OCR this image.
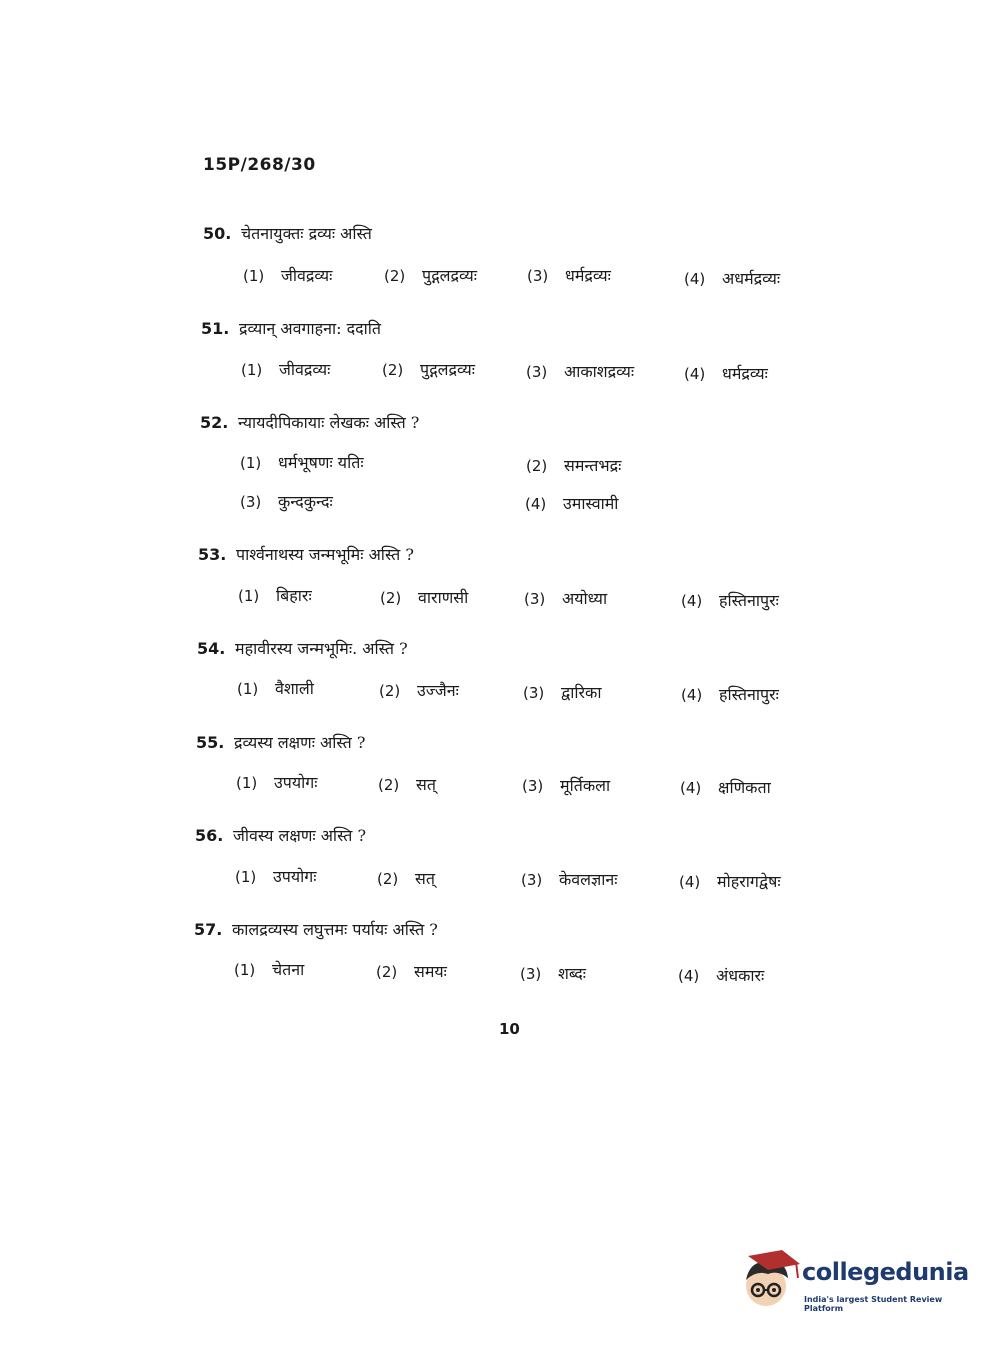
15P/268/30
50. चेतनायुक्तः द्रव्यः अस्ति
(1) जीवद्रव्यः	(2) पुद्गलद्रव्यः	(3) धर्मद्रव्यः	(4) अधर्मद्रव्यः
51. द्रव्यान् अवगाहना: ददाति
(1) जीवद्रव्यः	(2) पुद्गलद्रव्यः	(3) आकाशद्रव्यः	(4) धर्मद्रव्यः
52. न्यायदीपिकायाः लेखकः अस्ति ?
(1) धर्मभूषणः यतिः	(2) समन्तभद्रः
(3) कुन्दकुन्दः	(4) उमास्वामी
53. पार्श्वनाथस्य जन्मभूमिः अस्ति ?
(1) बिहारः	(2) वाराणसी	(3) अयोध्या	(4) हस्तिनापुरः
54. महावीरस्य जन्मभूमिः. अस्ति ?
(1) वैशाली	(2) उज्जैनः	(3) द्वारिका	(4) हस्तिनापुरः
55. द्रव्यस्य लक्षणः अस्ति ?
(1) उपयोगः	(2) सत्	(3) मूर्तिकला	(4) क्षणिकता
56. जीवस्य लक्षणः अस्ति ?
(1) उपयोगः	(2) सत्	(3) केवलज्ञानः	(4) मोहरागद्वेषः
57. कालद्रव्यस्य लघुत्तमः पर्यायः अस्ति ?
(1) चेतना	(2) समयः	(3) शब्दः	(4) अंधकारः
10
collegedunia
India's largest Student Review Platform
